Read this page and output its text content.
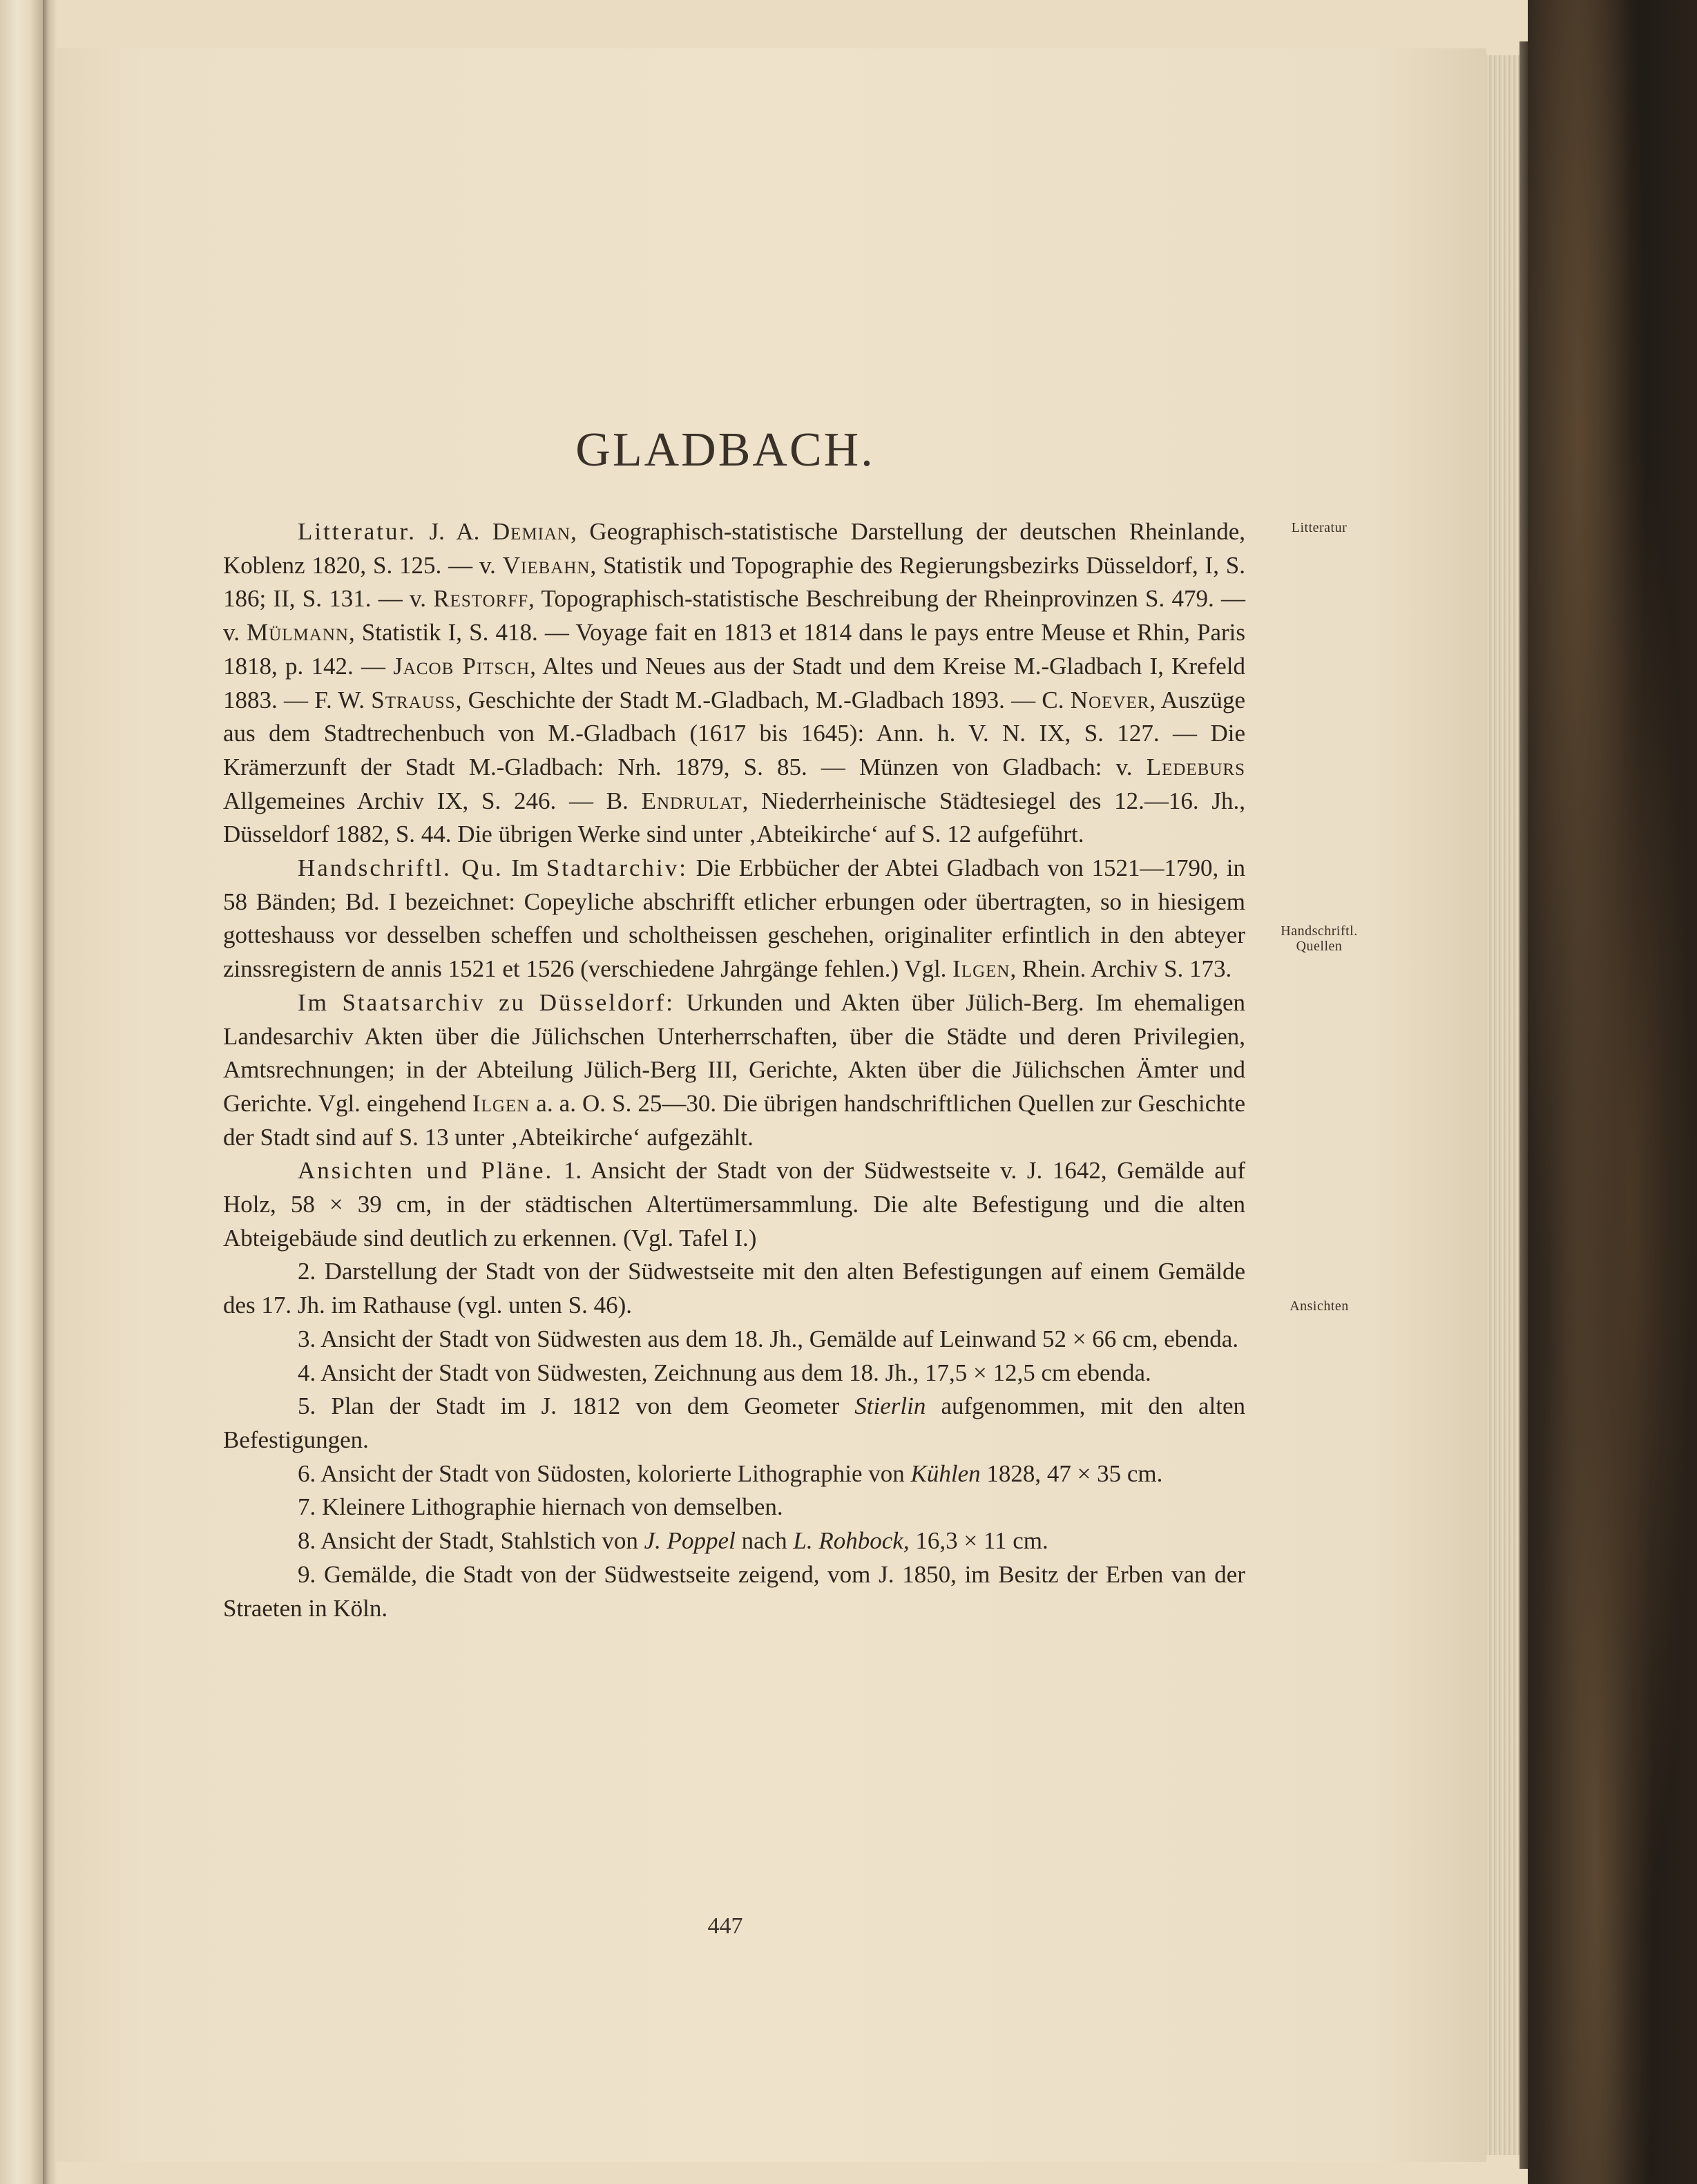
GLADBACH.
Litteratur
Handschriftl.
Quellen
Ansichten

Litteratur. J. A. Demian, Geographisch-statistische Darstellung der deutschen Rheinlande, Koblenz 1820, S. 125. — v. Viebahn, Statistik und Topographie des Regierungsbezirks Düsseldorf, I, S. 186; II, S. 131. — v. Restorff, Topographisch-statistische Beschreibung der Rheinprovinzen S. 479. — v. Mülmann, Statistik I, S. 418. — Voyage fait en 1813 et 1814 dans le pays entre Meuse et Rhin, Paris 1818, p. 142. — Jacob Pitsch, Altes und Neues aus der Stadt und dem Kreise M.-Gladbach I, Krefeld 1883. — F. W. Strauss, Geschichte der Stadt M.-Gladbach, M.-Gladbach 1893. — C. Noever, Auszüge aus dem Stadtrechenbuch von M.-Gladbach (1617 bis 1645): Ann. h. V. N. IX, S. 127. — Die Krämerzunft der Stadt M.-Gladbach: Nrh. 1879, S. 85. — Münzen von Gladbach: v. Ledeburs Allgemeines Archiv IX, S. 246. — B. Endrulat, Niederrheinische Städtesiegel des 12.—16. Jh., Düsseldorf 1882, S. 44. Die übrigen Werke sind unter ‚Abteikirche‘ auf S. 12 aufgeführt.

Handschriftl. Qu. Im Stadtarchiv: Die Erbbücher der Abtei Gladbach von 1521—1790, in 58 Bänden; Bd. I bezeichnet: Copeyliche abschrifft etlicher erbungen oder übertragten, so in hiesigem gotteshauss vor desselben scheffen und scholtheissen geschehen, originaliter erfintlich in den abteyer zinssregistern de annis 1521 et 1526 (verschiedene Jahrgänge fehlen.) Vgl. Ilgen, Rhein. Archiv S. 173.

Im Staatsarchiv zu Düsseldorf: Urkunden und Akten über Jülich-Berg. Im ehemaligen Landesarchiv Akten über die Jülichschen Unterherrschaften, über die Städte und deren Privilegien, Amtsrechnungen; in der Abteilung Jülich-Berg III, Gerichte, Akten über die Jülichschen Ämter und Gerichte. Vgl. eingehend Ilgen a. a. O. S. 25—30. Die übrigen handschriftlichen Quellen zur Geschichte der Stadt sind auf S. 13 unter ‚Abteikirche‘ aufgezählt.

Ansichten und Pläne. 1. Ansicht der Stadt von der Südwestseite v. J. 1642, Gemälde auf Holz, 58 × 39 cm, in der städtischen Altertümersammlung. Die alte Befestigung und die alten Abteigebäude sind deutlich zu erkennen. (Vgl. Tafel I.)

2. Darstellung der Stadt von der Südwestseite mit den alten Befestigungen auf einem Gemälde des 17. Jh. im Rathause (vgl. unten S. 46).

3. Ansicht der Stadt von Südwesten aus dem 18. Jh., Gemälde auf Leinwand 52 × 66 cm, ebenda.

4. Ansicht der Stadt von Südwesten, Zeichnung aus dem 18. Jh., 17,5 × 12,5 cm ebenda.

5. Plan der Stadt im J. 1812 von dem Geometer Stierlin aufgenommen, mit den alten Befestigungen.

6. Ansicht der Stadt von Südosten, kolorierte Lithographie von Kühlen 1828, 47 × 35 cm.

7. Kleinere Lithographie hiernach von demselben.

8. Ansicht der Stadt, Stahlstich von J. Poppel nach L. Rohbock, 16,3 × 11 cm.

9. Gemälde, die Stadt von der Südwestseite zeigend, vom J. 1850, im Besitz der Erben van der Straeten in Köln.

447
